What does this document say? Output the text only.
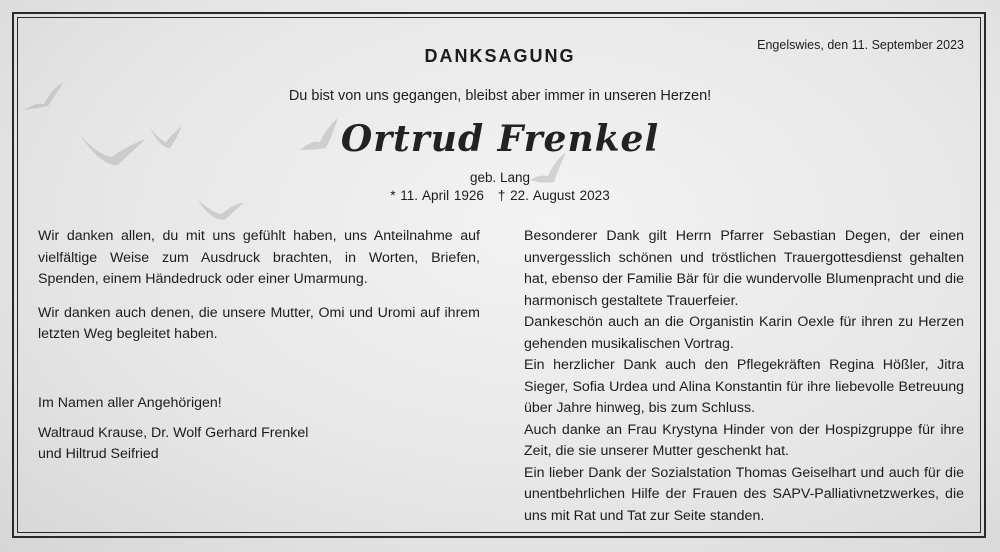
Engelswies, den 11. September 2023
DANKSAGUNG
Du bist von uns gegangen, bleibst aber immer in unseren Herzen!
Ortrud Frenkel
geb. Lang
* 11. April 1926 † 22. August 2023

Wir danken allen, du mit uns gefühlt haben, uns Anteilnahme auf vielfältige Weise zum Ausdruck brachten, in Worten, Briefen, Spenden, einem Händedruck oder einer Umarmung.

Wir danken auch denen, die unsere Mutter, Omi und Uromi auf ihrem letzten Weg begleitet haben.

Im Namen aller Angehörigen!

Waltraud Krause, Dr. Wolf Gerhard Frenkel
und Hiltrud Seifried

Besonderer Dank gilt Herrn Pfarrer Sebastian Degen, der einen unvergesslich schönen und tröstlichen Trauergottesdienst gehalten hat, ebenso der Familie Bär für die wundervolle Blumenpracht und die harmonisch gestaltete Trauerfeier.

Dankeschön auch an die Organistin Karin Oexle für ihren zu Herzen gehenden musikalischen Vortrag.

Ein herzlicher Dank auch den Pflegekräften Regina Hößler, Jitra Sieger, Sofia Urdea und Alina Konstantin für ihre liebevolle Betreuung über Jahre hinweg, bis zum Schluss.

Auch danke an Frau Krystyna Hinder von der Hospizgruppe für ihre Zeit, die sie unserer Mutter geschenkt hat.

Ein lieber Dank der Sozialstation Thomas Geiselhart und auch für die unentbehrlichen Hilfe der Frauen des SAPV-Palliativnetzwerkes, die uns mit Rat und Tat zur Seite standen.
